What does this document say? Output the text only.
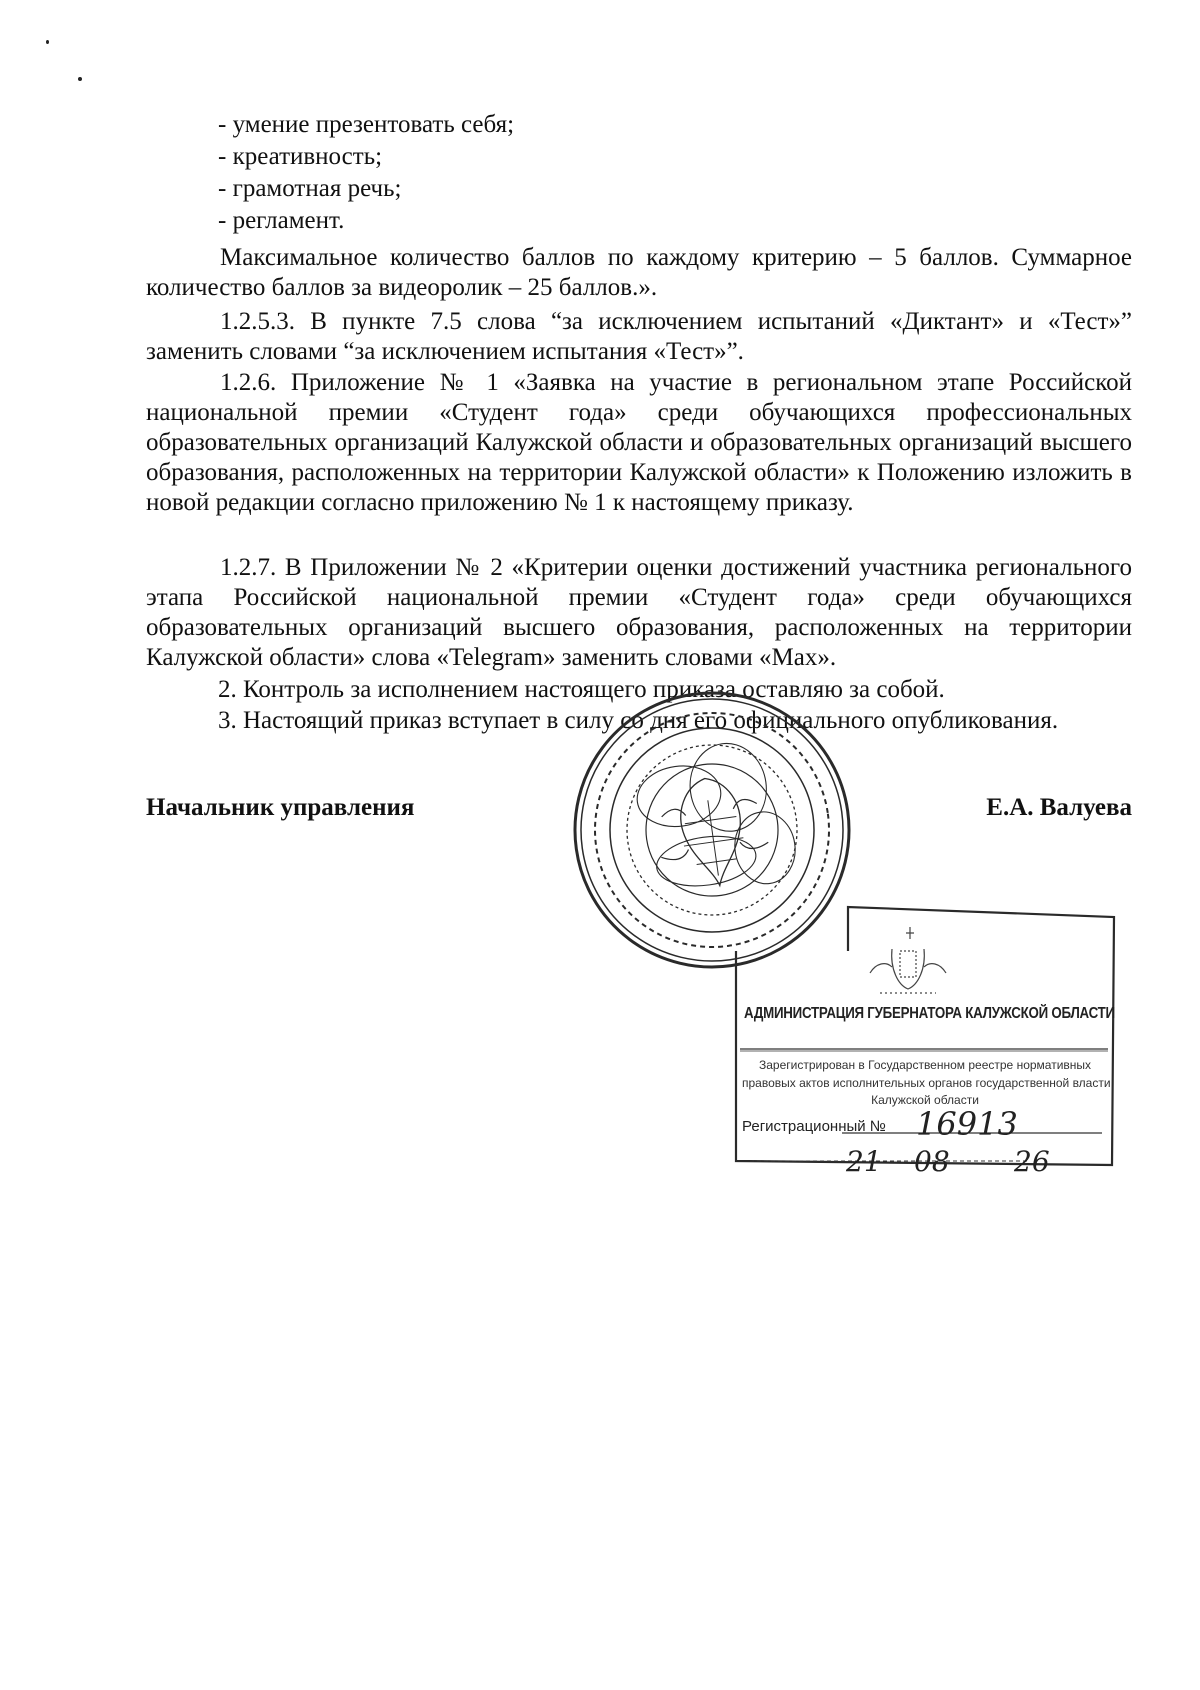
- умение презентовать себя;
- креативность;
- грамотная речь;
- регламент.
Максимальное количество баллов по каждому критерию – 5 баллов. Суммарное количество баллов за видеоролик – 25 баллов.».
1.2.5.3. В пункте 7.5 слова “за исключением испытаний «Диктант» и «Тест»” заменить словами “за исключением испытания «Тест»”.
1.2.6. Приложение № 1 «Заявка на участие в региональном этапе Российской национальной премии «Студент года» среди обучающихся профессиональных образовательных организаций Калужской области и образовательных организаций высшего образования, расположенных на территории Калужской области» к Положению изложить в новой редакции согласно приложению № 1 к настоящему приказу.
1.2.7. В Приложении № 2 «Критерии оценки достижений участника регионального этапа Российской национальной премии «Студент года» среди обучающихся образовательных организаций высшего образования, расположенных на территории Калужской области» слова «Telegram» заменить словами «Max».
2. Контроль за исполнением настоящего приказа оставляю за собой.
3. Настоящий приказ вступает в силу со дня его официального опубликования.
Начальник управления	Е.А. Валуева
АДМИНИСТРАЦИЯ ГУБЕРНАТОРА КАЛУЖСКОЙ ОБЛАСТИ
Зарегистрирован в Государственном реестре нормативных
правовых актов исполнительных органов государственной власти
Калужской области
Регистрационный № 16913
21 08 26
